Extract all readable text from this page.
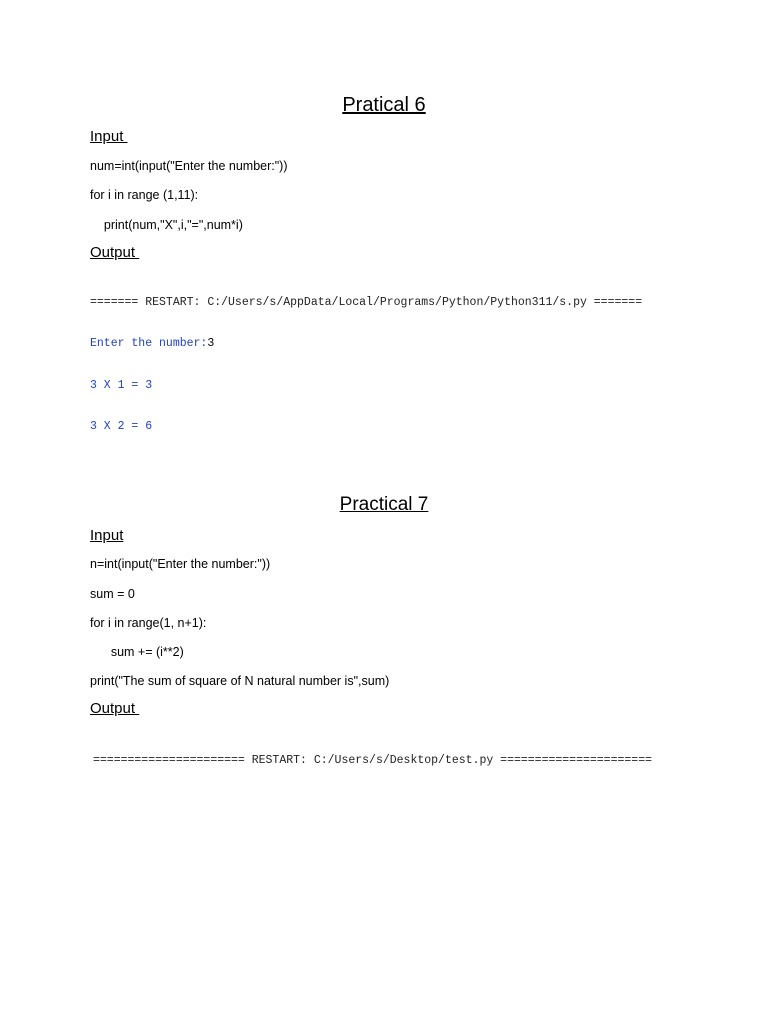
Pratical 6
Input
num=int(input("Enter the number:"))
for i in range (1,11):
print(num,"X",i,"=",num*i)
Output

======= RESTART: C:/Users/s/AppData/Local/Programs/Python/Python311/s.py =======

Enter the number:3

3 X 1 = 3

3 X 2 = 6

Practical 7
Input
n=int(input("Enter the number:"))
sum = 0
for i in range(1, n+1):
sum += (i**2)
print("The sum of square of N natural number is",sum)
Output

====================== RESTART: C:/Users/s/Desktop/test.py ======================
